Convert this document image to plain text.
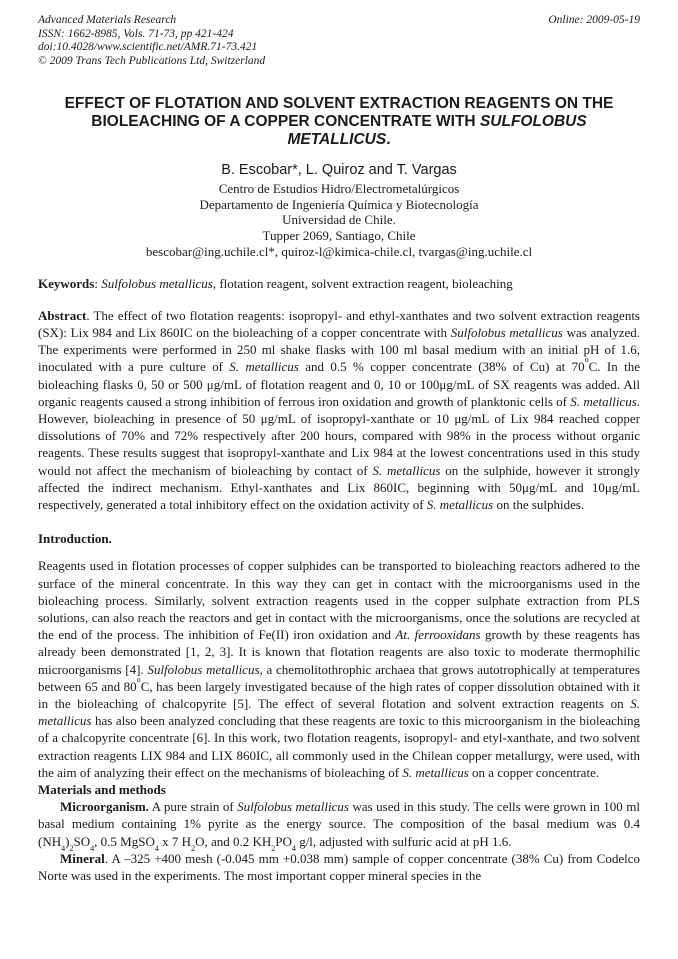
Advanced Materials Research	Online: 2009-05-19
ISSN: 1662-8985, Vols. 71-73, pp 421-424
doi:10.4028/www.scientific.net/AMR.71-73.421
© 2009 Trans Tech Publications Ltd, Switzerland
EFFECT OF FLOTATION AND SOLVENT EXTRACTION REAGENTS ON THE BIOLEACHING OF A COPPER CONCENTRATE WITH SULFOLOBUS METALLICUS.

B. Escobar*, L. Quiroz and T. Vargas

Centro de Estudios Hidro/Electrometalúrgicos
Departamento de Ingeniería Química y Biotecnología
Universidad de Chile.
Tupper 2069, Santiago, Chile
bescobar@ing.uchile.cl*, quiroz-l@kimica-chile.cl, tvargas@ing.uchile.cl

Keywords: Sulfolobus metallicus, flotation reagent, solvent extraction reagent, bioleaching

Abstract. The effect of two flotation reagents: isopropyl- and ethyl-xanthates and two solvent extraction reagents (SX): Lix 984 and Lix 860IC on the bioleaching of a copper concentrate with Sulfolobus metallicus was analyzed. The experiments were performed in 250 ml shake flasks with 100 ml basal medium with an initial pH of 1.6, inoculated with a pure culture of S. metallicus and 0.5 % copper concentrate (38% of Cu) at 70$^o$C. In the bioleaching flasks 0, 50 or 500 μg/mL of flotation reagent and 0, 10 or 100μg/mL of SX reagents was added. All organic reagents caused a strong inhibition of ferrous iron oxidation and growth of planktonic cells of S. metallicus. However, bioleaching in presence of 50 μg/mL of isopropyl-xanthate or 10 μg/mL of Lix 984 reached copper dissolutions of 70% and 72% respectively after 200 hours, compared with 98% in the process without organic reagents. These results suggest that isopropyl-xanthate and Lix 984 at the lowest concentrations used in this study would not affect the mechanism of bioleaching by contact of S. metallicus on the sulphide, however it strongly affected the indirect mechanism. Ethyl-xanthates and Lix 860IC, beginning with 50μg/mL and 10μg/mL respectively, generated a total inhibitory effect on the oxidation activity of S. metallicus on the sulphides.

Introduction.

Reagents used in flotation processes of copper sulphides can be transported to bioleaching reactors adhered to the surface of the mineral concentrate. In this way they can get in contact with the microorganisms used in the bioleaching process. Similarly, solvent extraction reagents used in the copper sulphate extraction from PLS solutions, can also reach the reactors and get in contact with the microorganisms, once the solutions are recycled at the end of the process. The inhibition of Fe(II) iron oxidation and At. ferrooxidans growth by these reagents has already been demonstrated [1, 2, 3]. It is known that flotation reagents are also toxic to moderate thermophilic microorganisms [4]. Sulfolobus metallicus, a chemolitothrophic archaea that grows autotrophically at temperatures between 65 and 80$^o$C, has been largely investigated because of the high rates of copper dissolution obtained with it in the bioleaching of chalcopyrite [5]. The effect of several flotation and solvent extraction reagents on S. metallicus has also been analyzed concluding that these reagents are toxic to this microorganism in the bioleaching of a chalcopyrite concentrate [6]. In this work, two flotation reagents, isopropyl- and etyl-xanthate, and two solvent extraction reagents LIX 984 and LIX 860IC, all commonly used in the Chilean copper metallurgy, were used, with the aim of analyzing their effect on the mechanisms of bioleaching of S. metallicus on a copper concentrate.

Materials and methods

Microorganism. A pure strain of Sulfolobus metallicus was used in this study. The cells were grown in 100 ml basal medium containing 1% pyrite as the energy source. The composition of the basal medium was 0.4 $(NH_4)_2SO_4$, 0.5 MgSO$_4$ x 7 $H_2O$, and 0.2 $KH_2PO_4$ g/l, adjusted with sulfuric acid at pH 1.6.

Mineral. A –325 +400 mesh (-0.045 mm +0.038 mm) sample of copper concentrate (38% Cu) from Codelco Norte was used in the experiments. The most important copper mineral species in the
